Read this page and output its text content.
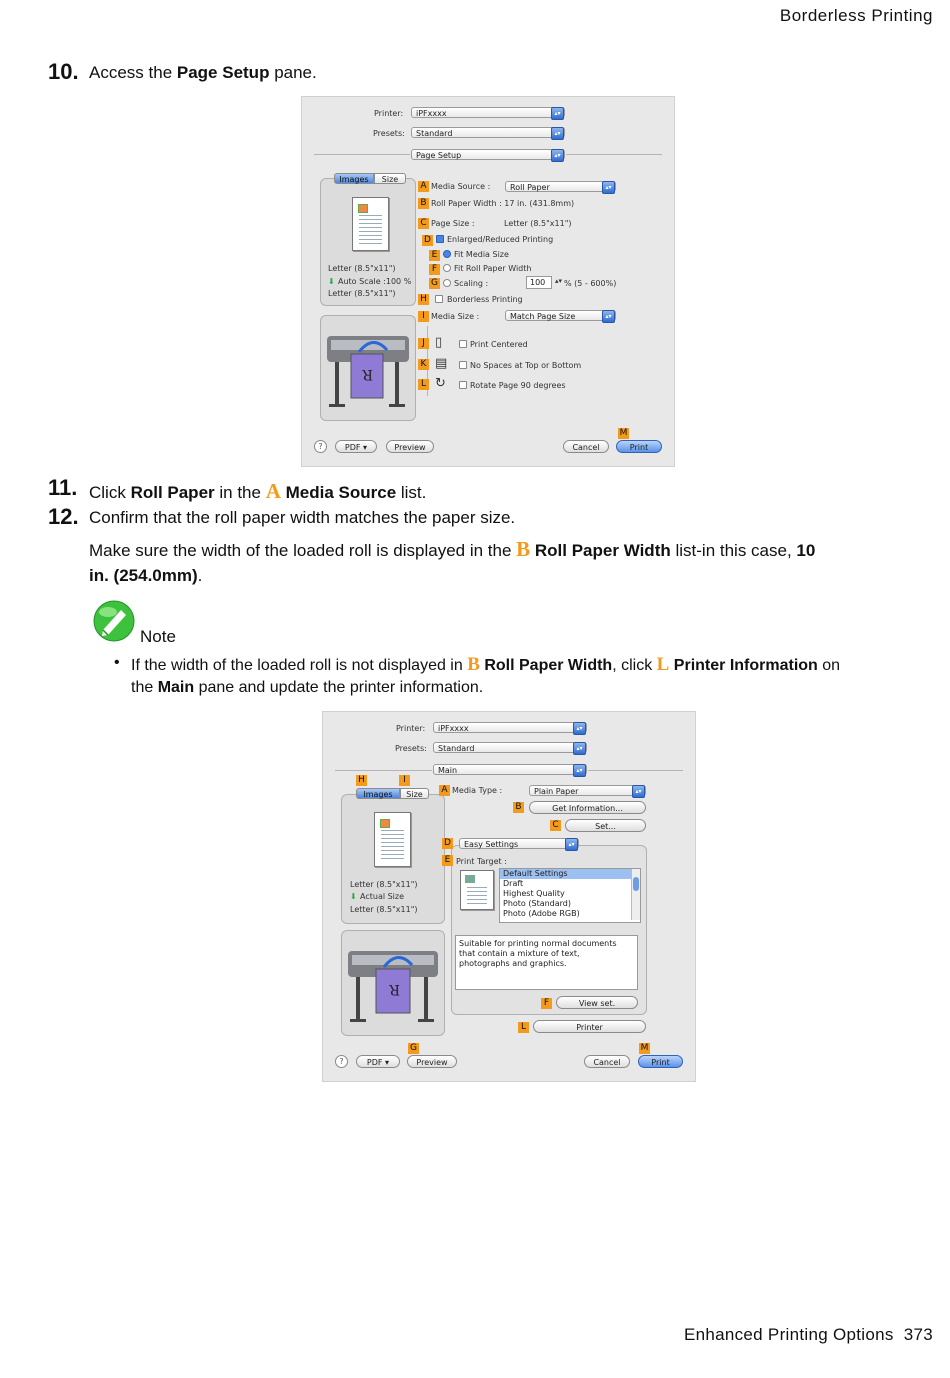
Borderless Printing
10. Access the Page Setup pane.
Printer:	iPFxxxx	▴▾
Presets:	Standard	▴▾
Page Setup	▴▾
Images	Size
Letter (8.5"x11")
⬇ Auto Scale :100 %
Letter (8.5"x11")
R
A Media Source :	Roll Paper	▴▾
B Roll Paper Width : 17 in. (431.8mm)
C Page Size :	Letter (8.5"x11")
D Enlarged/Reduced Printing
E	Fit Media Size
F	Fit Roll Paper Width
G Scaling :	100	▴▾ % (5 - 600%)
H	Borderless Printing
I Media Size :	Match Page Size	▴▾
J ▯	Print Centered
K ▤	No Spaces at Top or Bottom
L ↻	Rotate Page 90 degrees
?	PDF ▾	Preview	Cancel
M
Print
11. Click Roll Paper in the A Media Source list.
12. Confirm that the roll paper width matches the paper size.
Make sure the width of the loaded roll is displayed in the B Roll Paper Width list-in this case, 10
in. (254.0mm).
Note
• If the width of the loaded roll is not displayed in B Roll Paper Width, click L Printer Information on
the Main pane and update the printer information.
Printer:	iPFxxxx	▴▾
Presets:	Standard	▴▾
Main	▴▾
H	I
Images	Size
Letter (8.5"x11")
⬇ Actual Size
Letter (8.5"x11")
R
A Media Type :	Plain Paper	▴▾
B	Get Information...
C	Set...
D	Easy Settings	▴▾
E Print Target :
Default Settings
Draft
Highest Quality
Photo (Standard)
Photo (Adobe RGB)
Suitable for printing normal documents
that contain a mixture of text,
photographs and graphics.
F	View set.
L	Printer
?	PDF ▾
G
Preview	Cancel
M
Print
Enhanced Printing Options 373
